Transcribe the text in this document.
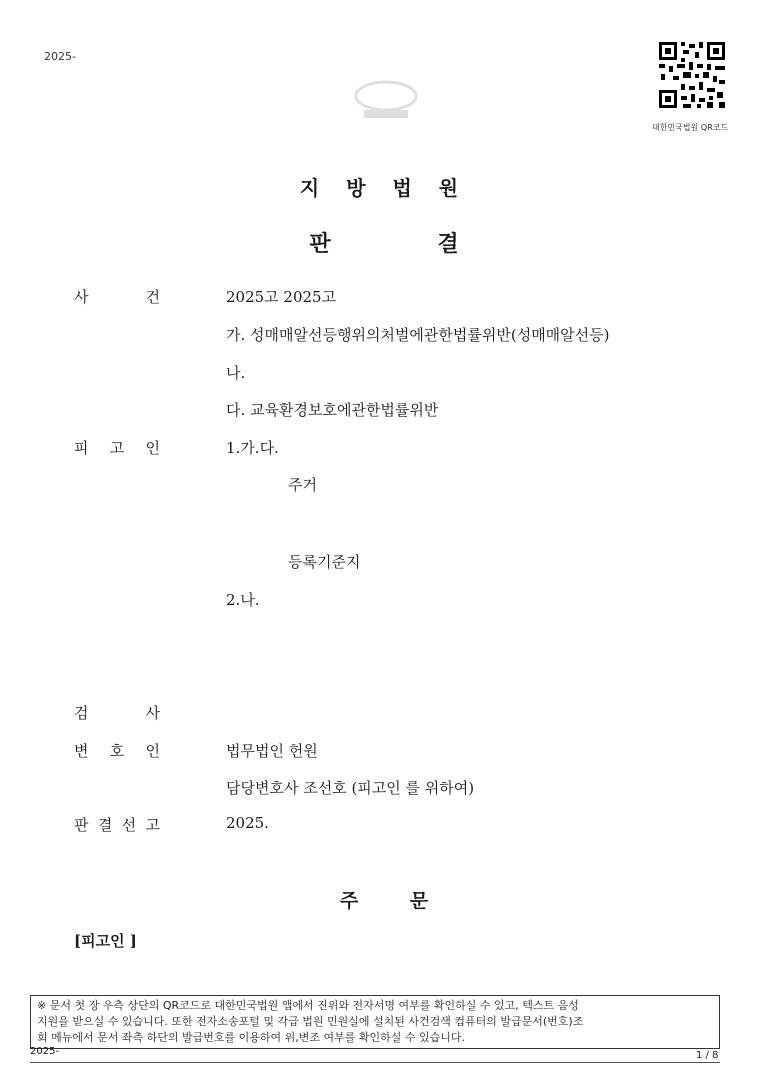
2025-
대한민국법원 QR코드
지 방 법 원
판	결
사	건	2025고 2025고
가. 성매매알선등행위의처벌에관한법률위반(성매매알선등)
나.
다. 교육환경보호에관한법률위반
피 고 인	1.가.다.
주거
등록기준지
2.나.
검	사
변 호 인	법무법인 헌원
담당변호사 조선호 (피고인 를 위하여)
판 결 선 고	2025.
주	문
[피고인 ]
※ 문서 첫 장 우측 상단의 QR코드로 대한민국법원 앱에서 진위와 전자서명 여부를 확인하실 수 있고, 텍스트 음성
지원을 받으실 수 있습니다. 또한 전자소송포털 및 각급 법원 민원실에 설치된 사건검색 컴퓨터의 발급문서(번호)조
회 메뉴에서 문서 좌측 하단의 발급번호를 이용하여 위,변조 여부를 확인하실 수 있습니다.
2025-	1 / 8
